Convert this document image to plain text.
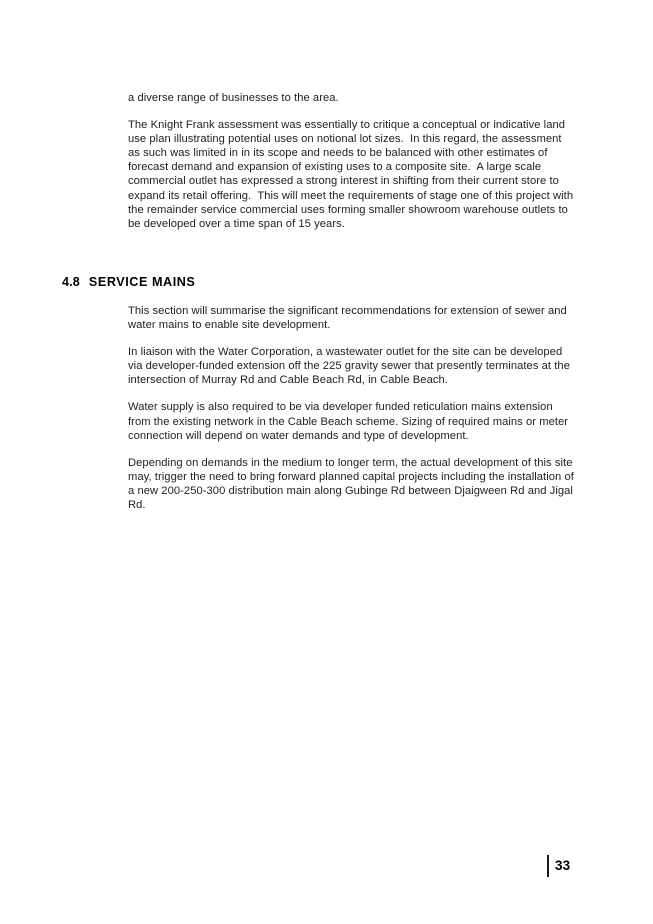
a diverse range of businesses to the area.

The Knight Frank assessment was essentially to critique a conceptual or indicative land use plan illustrating potential uses on notional lot sizes.  In this regard, the assessment as such was limited in in its scope and needs to be balanced with other estimates of forecast demand and expansion of existing uses to a composite site.  A large scale commercial outlet has expressed a strong interest in shifting from their current store to expand its retail offering.  This will meet the requirements of stage one of this project with the remainder service commercial uses forming smaller showroom warehouse outlets to be developed over a time span of 15 years.

4.8 SERVICE MAINS

This section will summarise the significant recommendations for extension of sewer and water mains to enable site development.

In liaison with the Water Corporation, a wastewater outlet for the site can be developed via developer-funded extension off the 225 gravity sewer that presently terminates at the intersection of Murray Rd and Cable Beach Rd, in Cable Beach.

Water supply is also required to be via developer funded reticulation mains extension from the existing network in the Cable Beach scheme. Sizing of required mains or meter connection will depend on water demands and type of development.

Depending on demands in the medium to longer term, the actual development of this site may, trigger the need to bring forward planned capital projects including the installation of a new 200-250-300 distribution main along Gubinge Rd between Djaigween Rd and Jigal Rd.

33
